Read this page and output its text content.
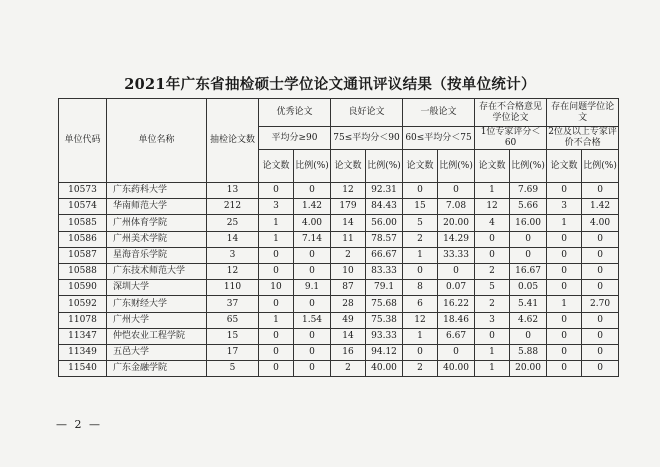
2021年广东省抽检硕士学位论文通讯评议结果（按单位统计）
单位代码	单位名称	抽检论文数	优秀论文		良好论文		一般论文		存在不合格意见学位论文		存在问题学位论文	
			平均分≥90		75≤平均分＜90		60≤平均分＜75		1位专家评分＜60		2位及以上专家评价不合格	
			论文数	比例(%)	论文数	比例(%)	论文数	比例(%)	论文数	比例(%)	论文数	比例(%)
10573	广东药科大学	13	0	0	12	92.31	0	0	1	7.69	0	0
10574	华南师范大学	212	3	1.42	179	84.43	15	7.08	12	5.66	3	1.42
10585	广州体育学院	25	1	4.00	14	56.00	5	20.00	4	16.00	1	4.00
10586	广州美术学院	14	1	7.14	11	78.57	2	14.29	0	0	0	0
10587	星海音乐学院	3	0	0	2	66.67	1	33.33	0	0	0	0
10588	广东技术师范大学	12	0	0	10	83.33	0	0	2	16.67	0	0
10590	深圳大学	110	10	9.1	87	79.1	8	0.07	5	0.05	0	0
10592	广东财经大学	37	0	0	28	75.68	6	16.22	2	5.41	1	2.70
11078	广州大学	65	1	1.54	49	75.38	12	18.46	3	4.62	0	0
11347	仲恺农业工程学院	15	0	0	14	93.33	1	6.67	0	0	0	0
11349	五邑大学	17	0	0	16	94.12	0	0	1	5.88	0	0
11540	广东金融学院	5	0	0	2	40.00	2	40.00	1	20.00	0	0
— 2 —
